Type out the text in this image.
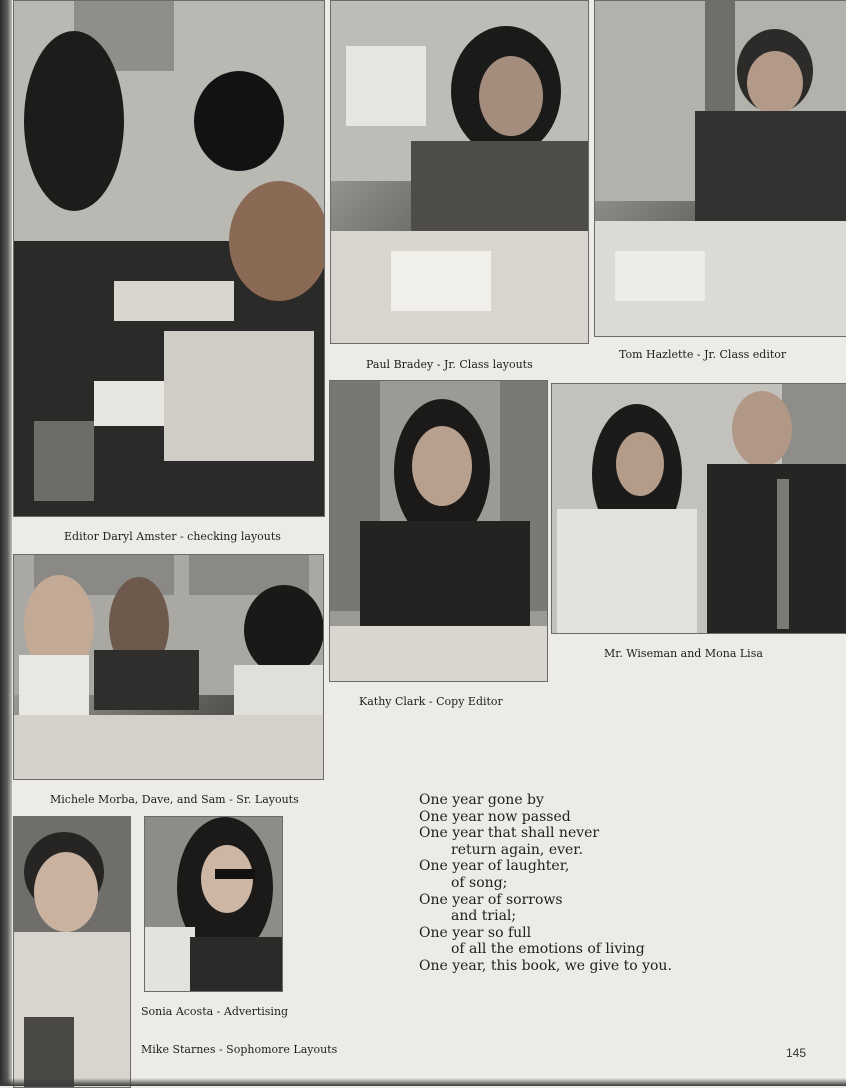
Editor Daryl Amster - checking layouts
Paul Bradey - Jr. Class layouts
Tom Hazlette - Jr. Class editor
Kathy Clark - Copy Editor
Mr. Wiseman and Mona Lisa
Michele Morba, Dave, and Sam - Sr. Layouts
Sonia Acosta - Advertising
Mike Starnes - Sophomore Layouts
One year gone by
One year now passed
One year that shall never
return again, ever.
One year of laughter,
of song;
One year of sorrows
and trial;
One year so full
of all the emotions of living
One year, this book, we give to you.
145
